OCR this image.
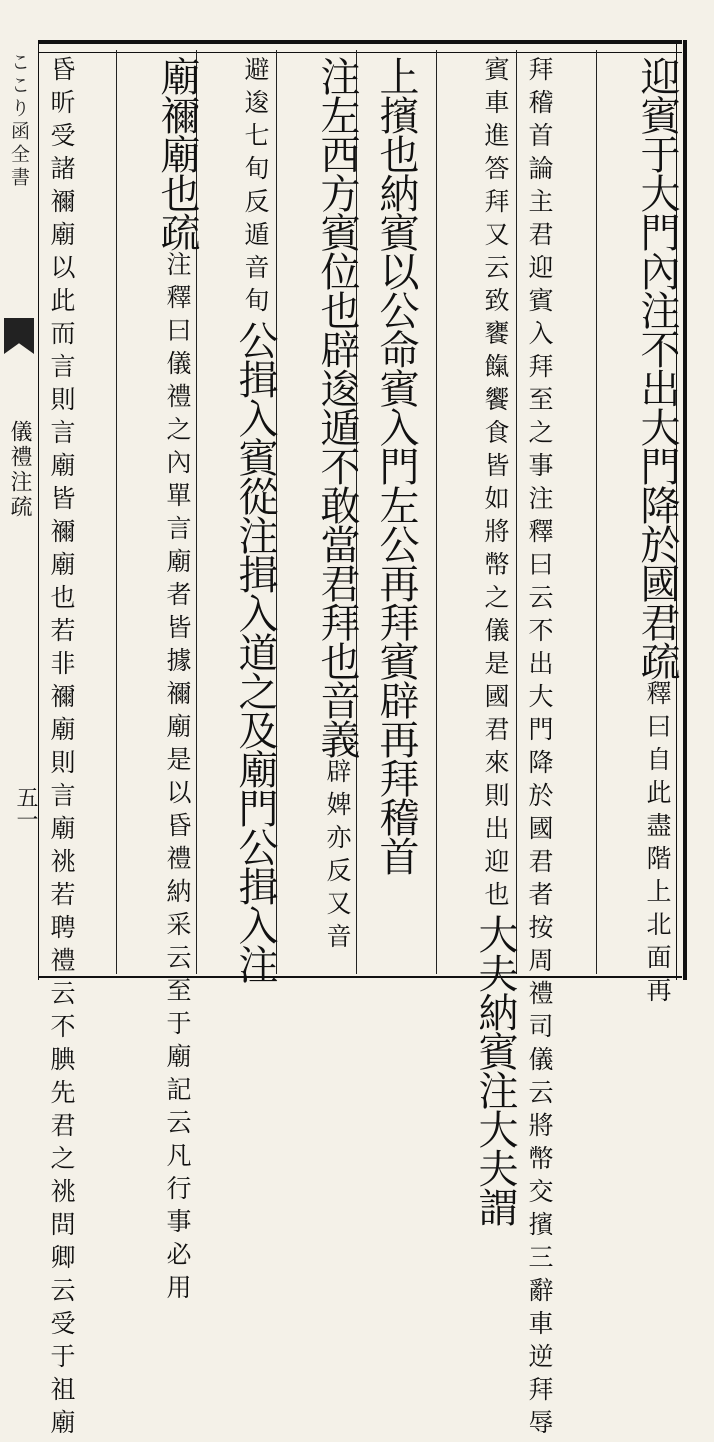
ここり函全書
儀禮注疏
五一
迎賓于大門內注不出大門降於國君疏釋曰自此盡階上北面再
拜稽首論主君迎賓入拜至之事注釋曰云不出大門降於國君者按周禮司儀云將幣交擯三辭車逆拜辱
賓車進答拜又云致饔餼饗食皆如將幣之儀是國君來則出迎也大夫納賓注大夫謂
上擯也納賓以公命賓入門左公再拜賓辟再拜稽首
注左西方賓位也辟逡遁不敢當君拜也音義辟婢亦反又音
避逡七旬反遁音旬公揖入賓從注揖入道之及廟門公揖入注
廟禰廟也疏注釋曰儀禮之內單言廟者皆據禰廟是以昏禮納采云至于廟記云凡行事必用
昏昕受諸禰廟以此而言則言廟皆禰廟也若非禰廟則言廟祧若聘禮云不腆先君之祧問卿云受于祖廟
